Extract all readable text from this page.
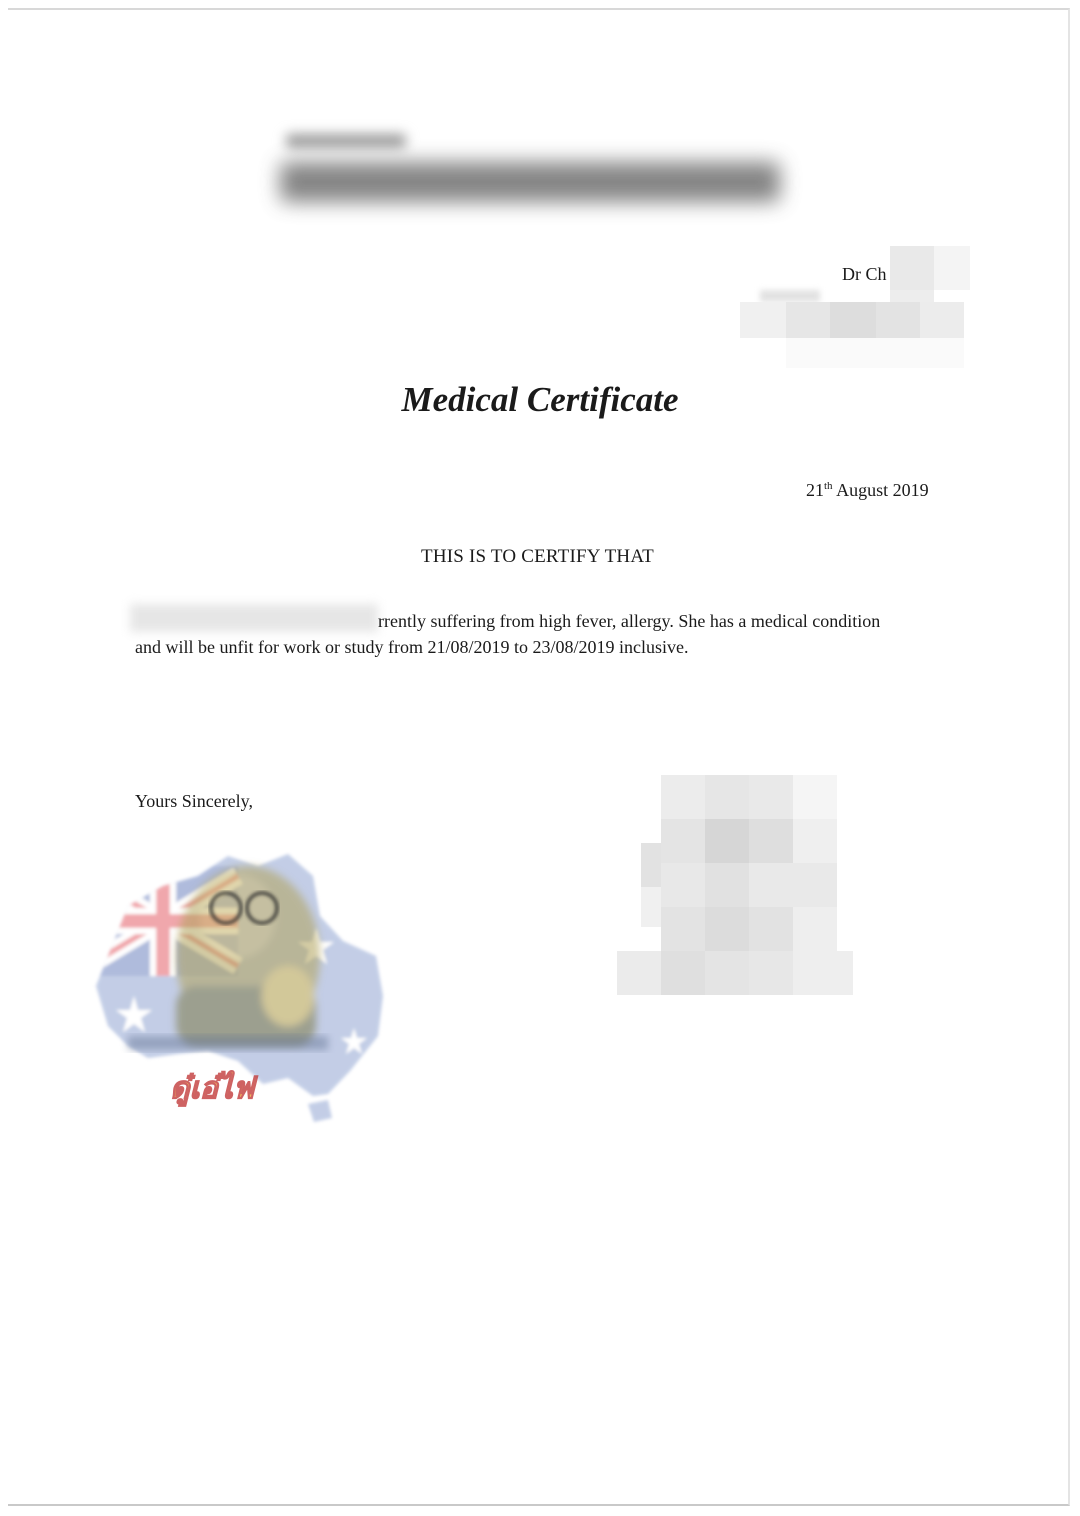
Dr Ch
Medical Certificate
21th August 2019
THIS IS TO CERTIFY THAT
rrently suffering from high fever, allergy. She has a medical condition
and will be unfit for work or study from 21/08/2019 to 23/08/2019 inclusive.
Yours Sincerely,
ดู๋เอ๋ไฟ
